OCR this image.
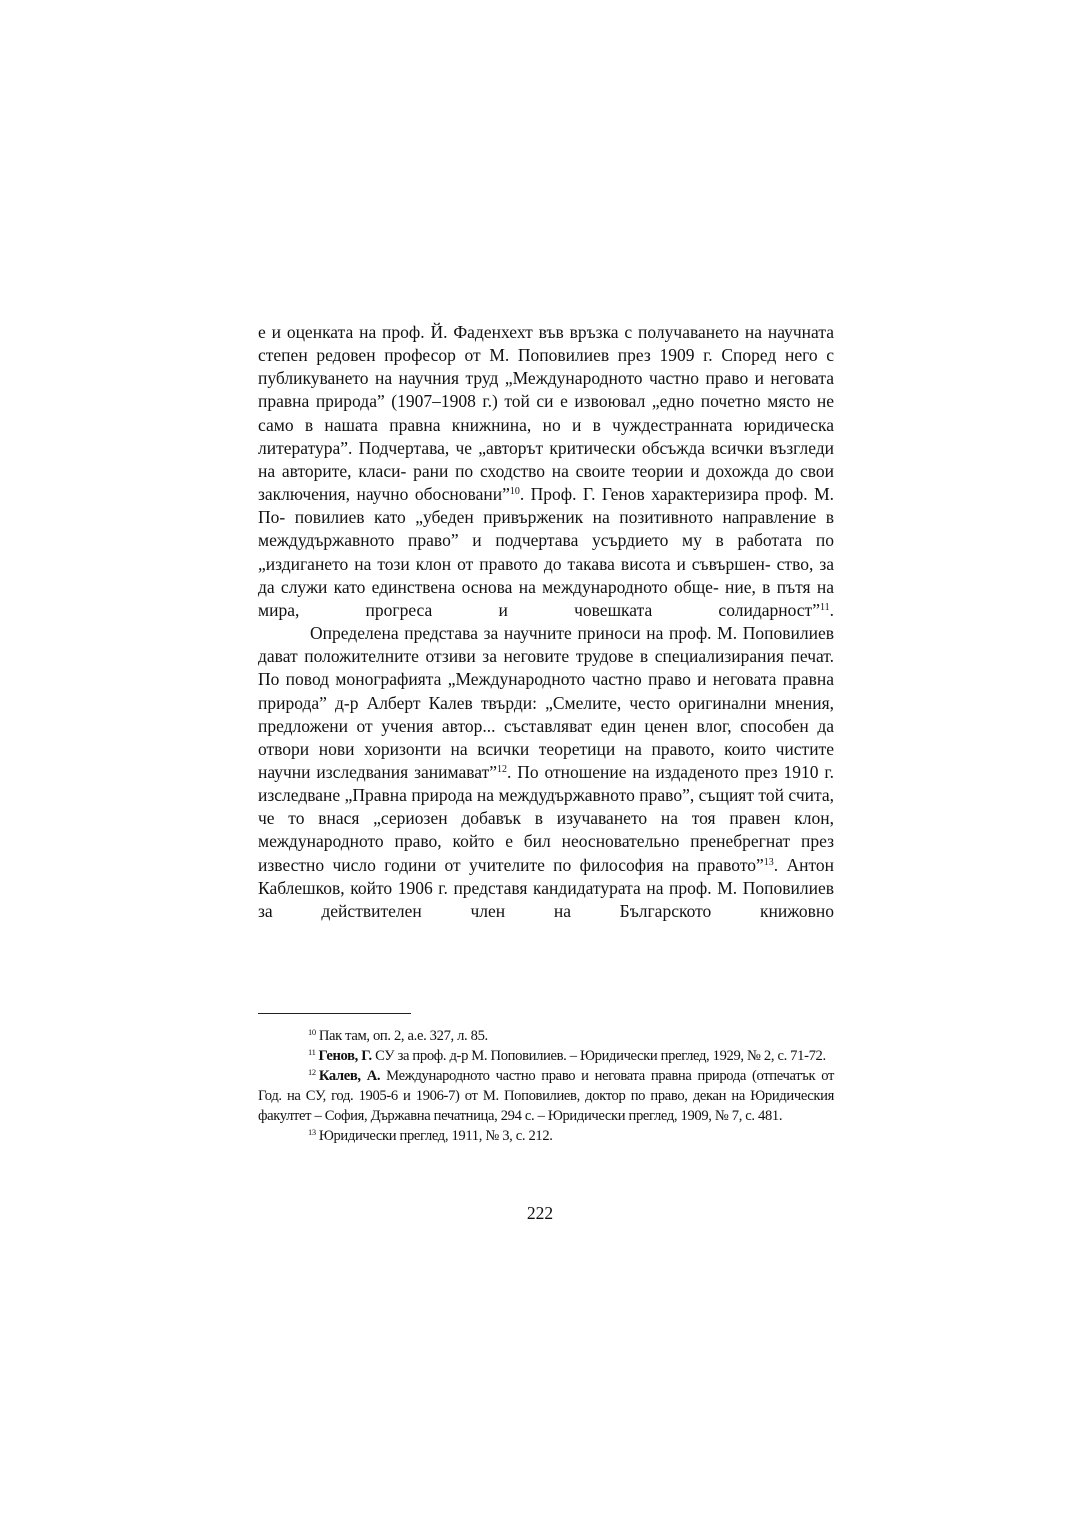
е и оценката на проф. Й. Фаденхехт във връзка с получаването на научната степен редовен професор от М. Поповилиев през 1909 г. Според него с публикуването на научния труд „Международното частно право и неговата правна природа” (1907–1908 г.) той си е извоювал „едно почетно място не само в нашата правна книжнина, но и в чуждестранната юридическа литература”. Подчертава, че „авторът критически обсъжда всички възгледи на авторите, класи- рани по сходство на своите теории и дохожда до свои заключения, научно обосновани”$^{10}$. Проф. Г. Генов характеризира проф. М. По- повилиев като „убеден привърженик на позитивното направление в междудържавното право” и подчертава усърдието му в работата по „издигането на този клон от правото до такава висота и съвършен- ство, за да служи като единствена основа на международното обще- ние, в пътя на мира, прогреса и човешката солидарност”$^{11}$.

Определена представа за научните приноси на проф. М. Поповилиев дават положителните отзиви за неговите трудове в специализирания печат. По повод монографията „Международното частно право и неговата правна природа” д-р Алберт Калев твърди: „Смелите, често оригинални мнения, предложени от учения автор... съставляват един ценен влог, способен да отвори нови хоризонти на всички теоретици на правото, които чистите научни изследвания занимават”$^{12}$. По отношение на издаденото през 1910 г. изследване „Правна природа на междудържавното право”, същият той счита, че то внася „сериозен добавък в изучаването на тоя правен клон, международното право, който е бил неосновательно пренебрегнат през известно число години от учителите по философия на правото”$^{13}$. Антон Каблешков, който 1906 г. представя кандидатурата на проф. М. Поповилиев за действителен член на Българското книжовно

$^{10}$ Пак там, оп. 2, а.е. 327, л. 85.

$^{11}$ Генов, Г. СУ за проф. д-р М. Поповилиев. – Юридически преглед, 1929, № 2, с. 71-72.

$^{12}$ Калев, А. Международното частно право и неговата правна природа (отпечатък от Год. на СУ, год. 1905-6 и 1906-7) от М. Поповилиев, доктор по право, декан на Юридическия факултет – София, Държавна печатница, 294 с. – Юридически преглед, 1909, № 7, с. 481.

$^{13}$ Юридически преглед, 1911, № 3, с. 212.

222
